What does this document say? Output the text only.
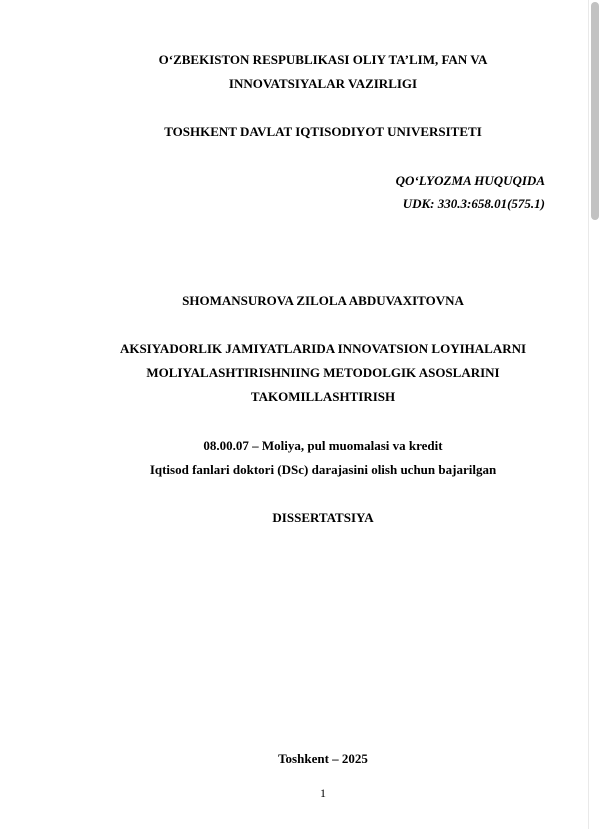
O‘ZBEKISTON RESPUBLIKASI OLIY TA’LIM, FAN VA

INNOVATSIYALAR VAZIRLIGI

TOSHKENT DAVLAT IQTISODIYOT UNIVERSITETI

QO‘LYOZMA HUQUQIDA

UDK: 330.3:658.01(575.1)

SHOMANSUROVA ZILOLA ABDUVAXITOVNA

AKSIYADORLIK JAMIYATLARIDA INNOVATSION LOYIHALARNI

MOLIYALASHTIRISHNIING METODOLGIK ASOSLARINI

TAKOMILLASHTIRISH

08.00.07 – Moliya, pul muomalasi va kredit

Iqtisod fanlari doktori (DSc) darajasini olish uchun bajarilgan

DISSERTATSIYA

Toshkent – 2025

1
